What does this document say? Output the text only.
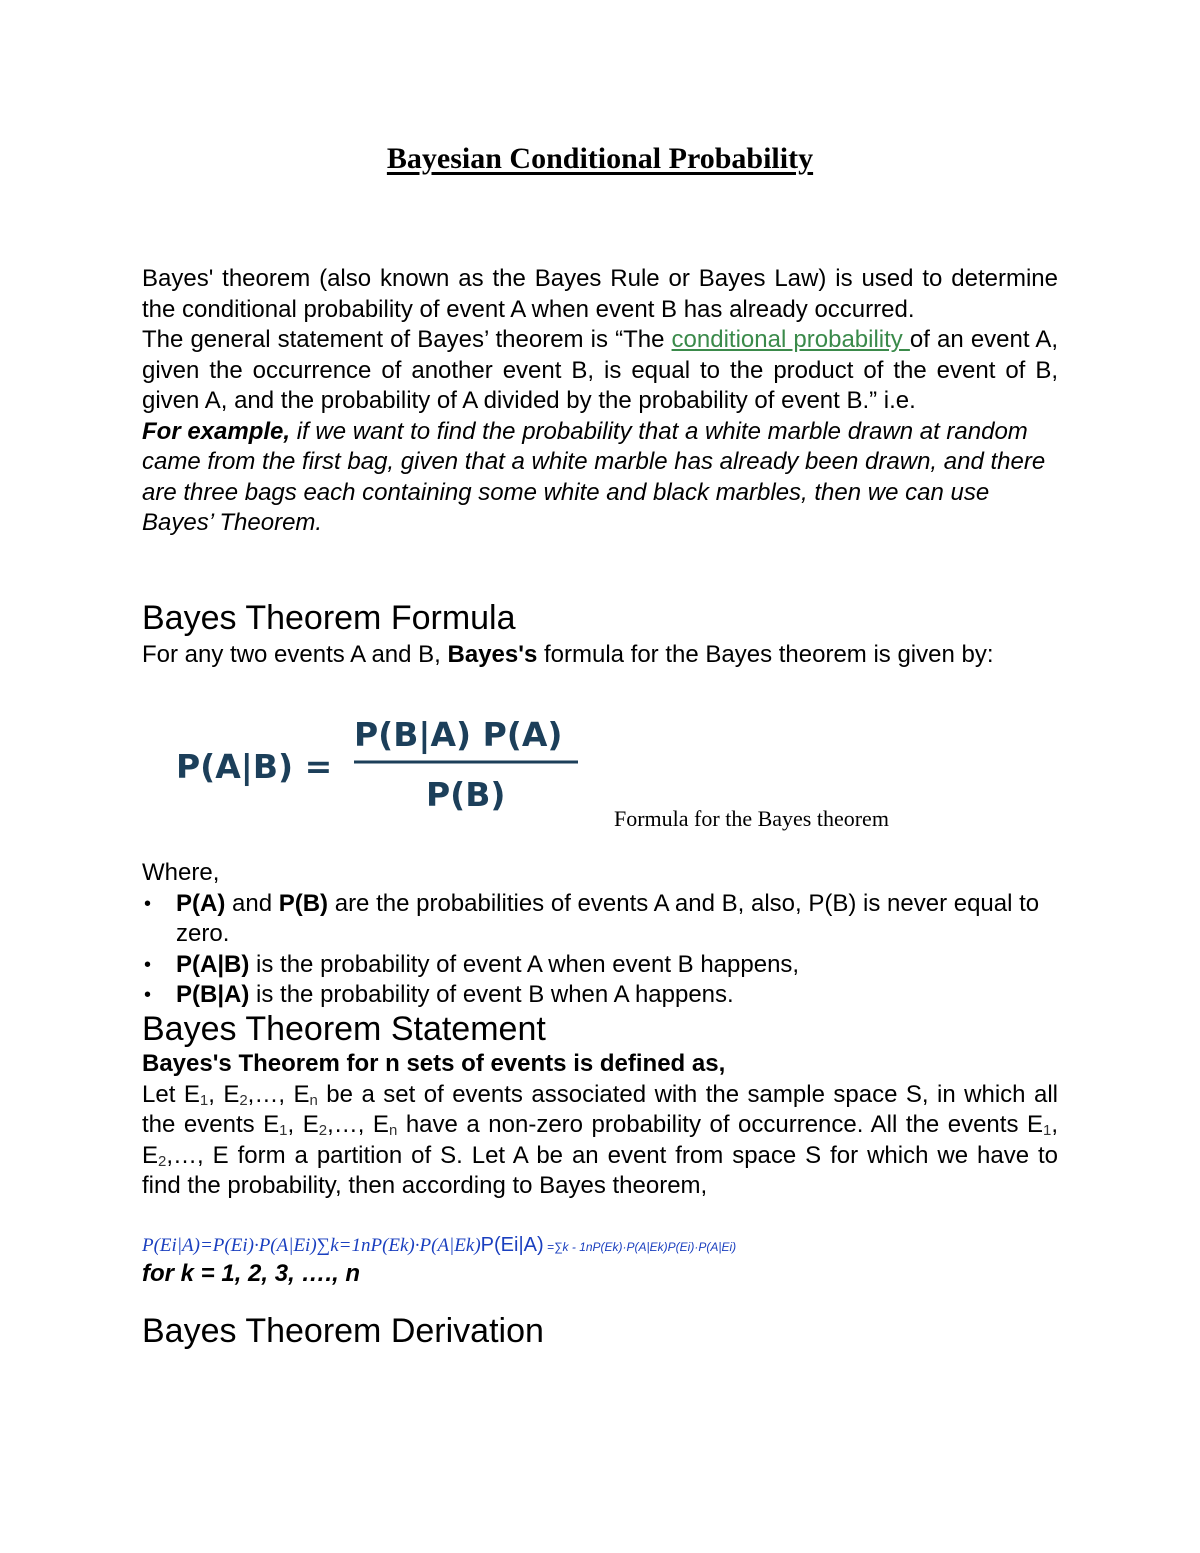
Bayesian Conditional Probability
Bayes' theorem (also known as the Bayes Rule or Bayes Law) is used to determine the conditional probability of event A when event B has already occurred.
The general statement of Bayes’ theorem is “The conditional probability of an event A, given the occurrence of another event B, is equal to the product of the event of B, given A, and the probability of A divided by the probability of event B.” i.e.
For example, if we want to find the probability that a white marble drawn at random came from the first bag, given that a white marble has already been drawn, and there are three bags each containing some white and black marbles, then we can use Bayes’ Theorem.
Bayes Theorem Formula
For any two events A and B, Bayes's formula for the Bayes theorem is given by:
P(A|B) =
P(B|A) P(A)
P(B)
Formula for the Bayes theorem
Where,
• P(A) and P(B) are the probabilities of events A and B, also, P(B) is never equal to zero.
• P(A|B) is the probability of event A when event B happens,
• P(B|A) is the probability of event B when A happens.
Bayes Theorem Statement
Bayes's Theorem for n sets of events is defined as,
Let $E_1$, $E_2,\dots$, $E_n$ be a set of events associated with the sample space S, in which all the events $E_1$, $E_2,\dots$, $E_n$ have a non-zero probability of occurrence. All the events $E_1$, $E_2,\dots$, E form a partition of S. Let A be an event from space S for which we have to find the probability, then according to Bayes theorem,
P(Ei|A)=P(Ei)·P(A|Ei)∑k=1nP(Ek)·P(A|Ek)P(Ei|A) =∑k - 1nP(Ek)·P(A|Ek)P(Ei)·P(A|Ei)
for k = 1, 2, 3, …., n
Bayes Theorem Derivation
